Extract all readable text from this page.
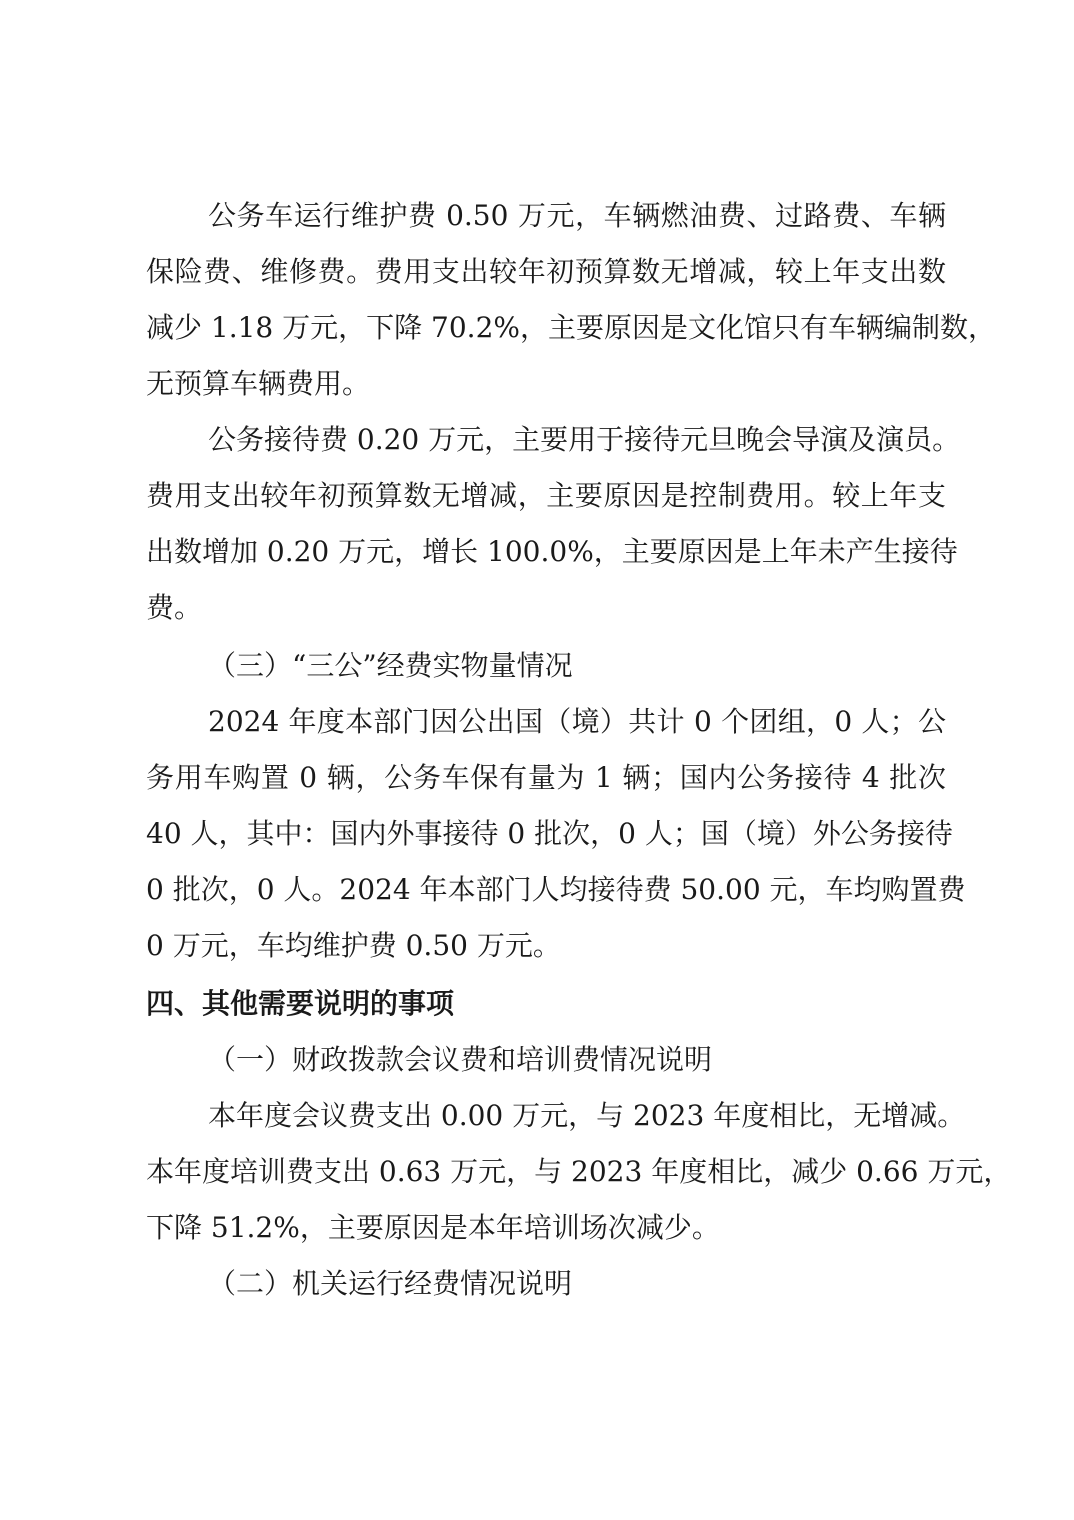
公务车运行维护费 0.50 万元，车辆燃油费、过路费、车辆
保险费、维修费。费用支出较年初预算数无增减，较上年支出数
减少 1.18 万元，下降 70.2%，主要原因是文化馆只有车辆编制数，
无预算车辆费用。
公务接待费 0.20 万元，主要用于接待元旦晚会导演及演员。
费用支出较年初预算数无增减，主要原因是控制费用。较上年支
出数增加 0.20 万元，增长 100.0%，主要原因是上年未产生接待
费。
（三）“三公”经费实物量情况
2024 年度本部门因公出国（境）共计 0 个团组，0 人；公
务用车购置 0 辆，公务车保有量为 1 辆；国内公务接待 4 批次
40 人，其中：国内外事接待 0 批次，0 人；国（境）外公务接待
0 批次，0 人。2024 年本部门人均接待费 50.00 元，车均购置费
0 万元，车均维护费 0.50 万元。
四、其他需要说明的事项
（一）财政拨款会议费和培训费情况说明
本年度会议费支出 0.00 万元，与 2023 年度相比，无增减。
本年度培训费支出 0.63 万元，与 2023 年度相比，减少 0.66 万元，
下降 51.2%，主要原因是本年培训场次减少。
（二）机关运行经费情况说明
